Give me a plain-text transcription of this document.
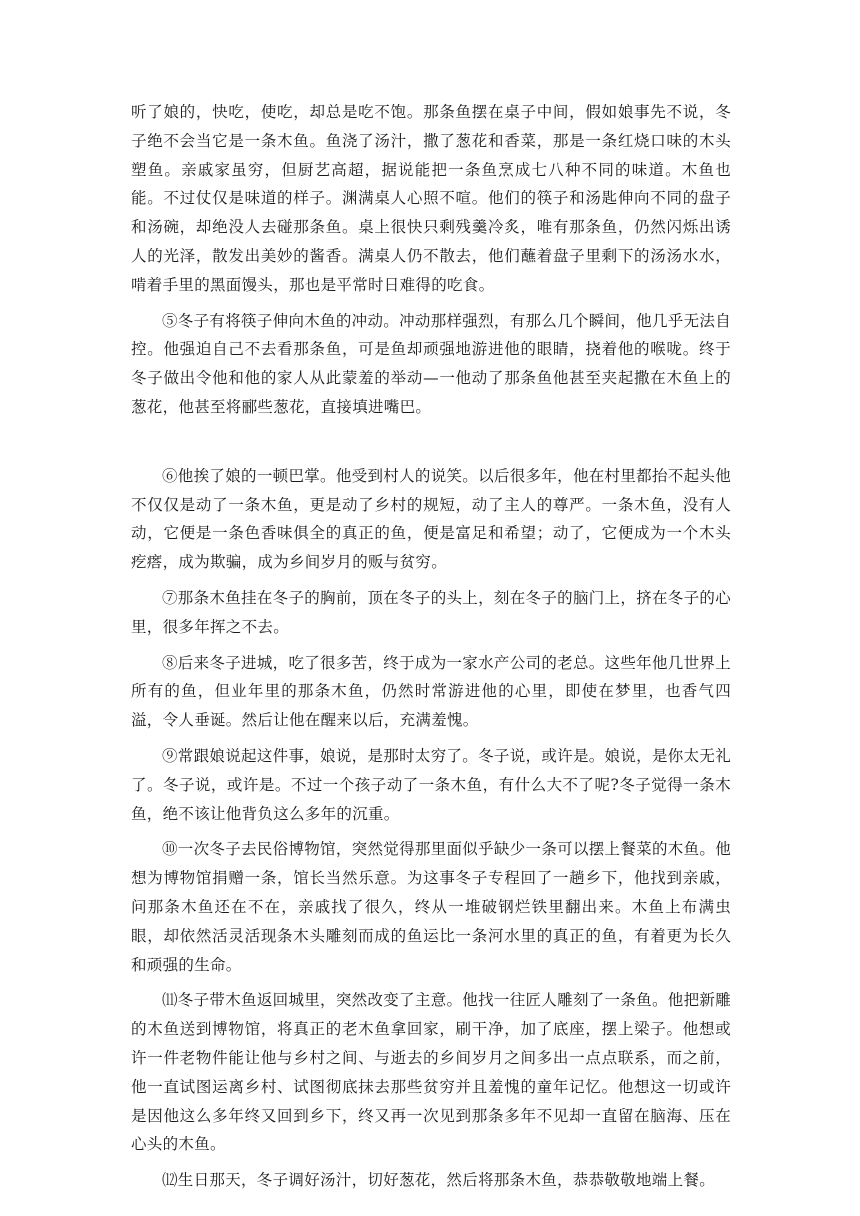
听了娘的，快吃，使吃，却总是吃不饱。那条鱼摆在桌子中间，假如娘事先不说，冬子绝不会当它是一条木鱼。鱼浇了汤汁，撒了葱花和香菜，那是一条红烧口味的木头塑鱼。亲戚家虽穷，但厨艺高超，据说能把一条鱼烹成七八种不同的味道。木鱼也能。不过仗仅是味道的样子。渊满桌人心照不喧。他们的筷子和汤匙伸向不同的盘子和汤碗，却绝没人去碰那条鱼。桌上很快只剩残羹冷炙，唯有那条鱼，仍然闪烁出诱人的光泽，散发出美妙的酱香。满桌人仍不散去，他们蘸着盘子里剩下的汤汤水水，啃着手里的黑面馒头，那也是平常时日难得的吃食。

⑤冬子有将筷子伸向木鱼的冲动。冲动那样强烈，有那么几个瞬间，他几乎无法自控。他强迫自己不去看那条鱼，可是鱼却顽强地游进他的眼睛，挠着他的喉咙。终于冬子做出令他和他的家人从此蒙羞的举动—一他动了那条鱼他甚至夹起撒在木鱼上的葱花，他甚至将郦些葱花，直接填进嘴巴。

⑥他挨了娘的一顿巴掌。他受到村人的说笑。以后很多年，他在村里都抬不起头他不仅仅是动了一条木鱼，更是动了乡村的规短，动了主人的尊严。一条木鱼，没有人动，它便是一条色香味俱全的真正的鱼，便是富足和希望；动了，它便成为一个木头疙瘩，成为欺骗，成为乡间岁月的贩与贫穷。

⑦那条木鱼挂在冬子的胸前，顶在冬子的头上，刻在冬子的脑门上，挤在冬子的心里，很多年挥之不去。

⑧后来冬子进城，吃了很多苦，终于成为一家水产公司的老总。这些年他几世界上所有的鱼，但业年里的那条木鱼，仍然时常游进他的心里，即使在梦里，也香气四溢，令人垂诞。然后让他在醒来以后，充满羞愧。

⑨常跟娘说起这件事，娘说，是那时太穷了。冬子说，或许是。娘说，是你太无礼了。冬子说，或许是。不过一个孩子动了一条木鱼，有什么大不了呢?冬子觉得一条木鱼，绝不该让他背负这么多年的沉重。

⑩一次冬子去民俗博物馆，突然觉得那里面似乎缺少一条可以摆上餐菜的木鱼。他想为博物馆捐赠一条，馆长当然乐意。为这事冬子专程回了一趟乡下，他找到亲戚，问那条木鱼还在不在，亲戚找了很久，终从一堆破钢烂铁里翻出来。木鱼上布满虫眼，却依然活灵活现条木头雕刻而成的鱼运比一条河水里的真正的鱼，有着更为长久和顽强的生命。

⑾冬子带木鱼返回城里，突然改变了主意。他找一往匠人雕刻了一条鱼。他把新雕的木鱼送到博物馆，将真正的老木鱼拿回家，刷干净，加了底座，摆上梁子。他想或许一件老物件能让他与乡村之间、与逝去的乡间岁月之间多出一点点联系，而之前，他一直试图运离乡村、试图彻底抹去那些贫穷并且羞愧的童年记忆。他想这一切或许是因他这么多年终又回到乡下，终又再一次见到那条多年不见却一直留在脑海、压在心头的木鱼。

⑿生日那天，冬子调好汤汁，切好葱花，然后将那条木鱼，恭恭敬敬地端上餐。
